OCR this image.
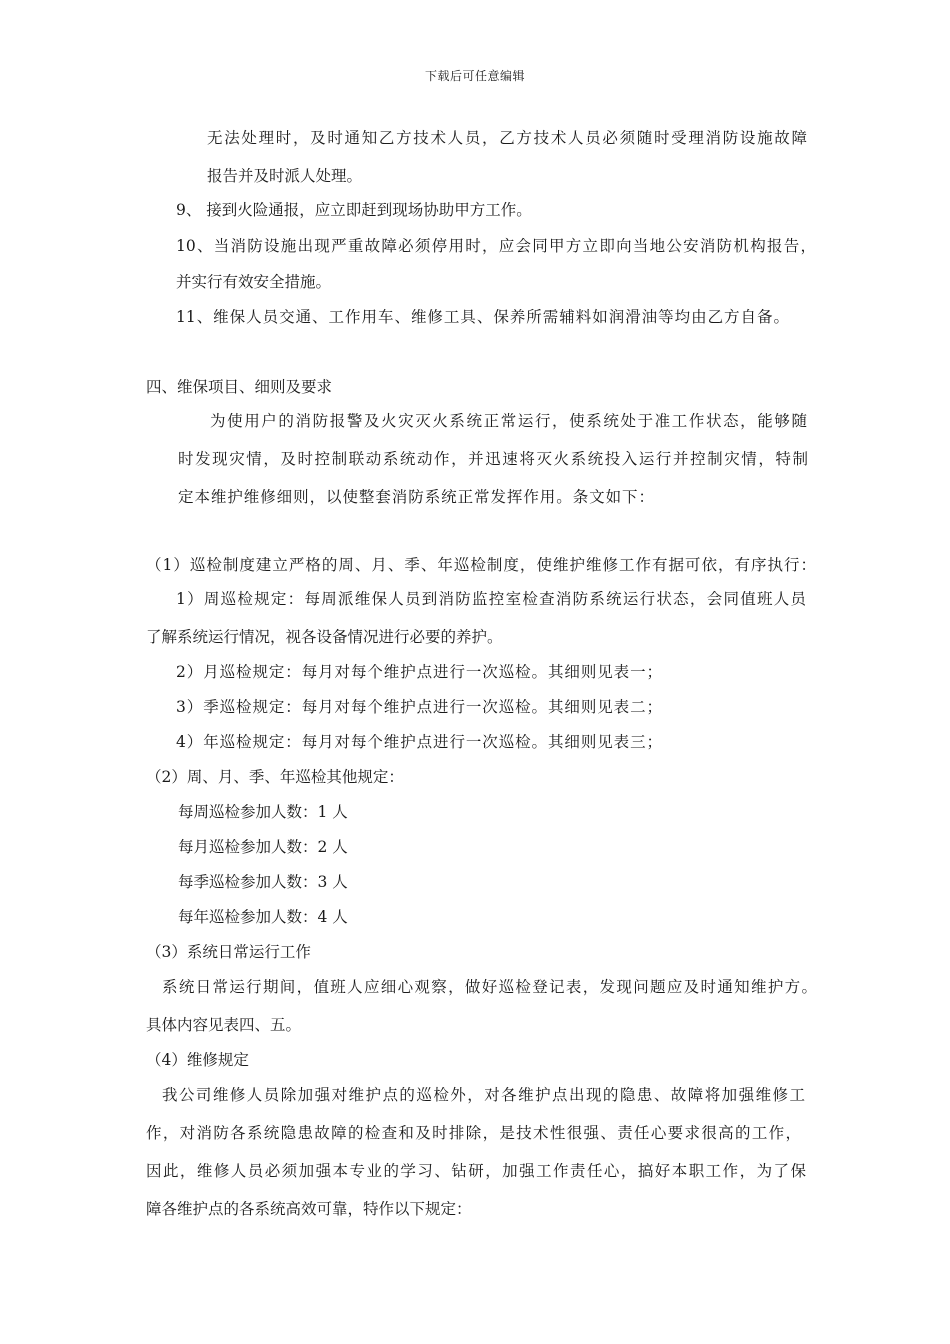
下载后可任意编辑
无法处理时，及时通知乙方技术人员，乙方技术人员必须随时受理消防设施故障
报告并及时派人处理。
9、 接到火险通报，应立即赶到现场协助甲方工作。
10、当消防设施出现严重故障必须停用时，应会同甲方立即向当地公安消防机构报告，
并实行有效安全措施。
11、维保人员交通、工作用车、维修工具、保养所需辅料如润滑油等均由乙方自备。
四、维保项目、细则及要求
为使用户的消防报警及火灾灭火系统正常运行，使系统处于准工作状态，能够随
时发现灾情，及时控制联动系统动作，并迅速将灭火系统投入运行并控制灾情，特制
定本维护维修细则，以使整套消防系统正常发挥作用。条文如下：
（1）巡检制度建立严格的周、月、季、年巡检制度，使维护维修工作有据可依，有序执行：
1）周巡检规定：每周派维保人员到消防监控室检查消防系统运行状态，会同值班人员
了解系统运行情况，视各设备情况进行必要的养护。
2）月巡检规定：每月对每个维护点进行一次巡检。其细则见表一；
3）季巡检规定：每月对每个维护点进行一次巡检。其细则见表二；
4）年巡检规定：每月对每个维护点进行一次巡检。其细则见表三；
（2）周、月、季、年巡检其他规定：
每周巡检参加人数：1 人
每月巡检参加人数：2 人
每季巡检参加人数：3 人
每年巡检参加人数：4 人
（3）系统日常运行工作
系统日常运行期间，值班人应细心观察，做好巡检登记表，发现问题应及时通知维护方。
具体内容见表四、五。
（4）维修规定
我公司维修人员除加强对维护点的巡检外，对各维护点出现的隐患、故障将加强维修工
作，对消防各系统隐患故障的检查和及时排除，是技术性很强、责任心要求很高的工作，
因此，维修人员必须加强本专业的学习、钻研，加强工作责任心，搞好本职工作，为了保
障各维护点的各系统高效可靠，特作以下规定：
